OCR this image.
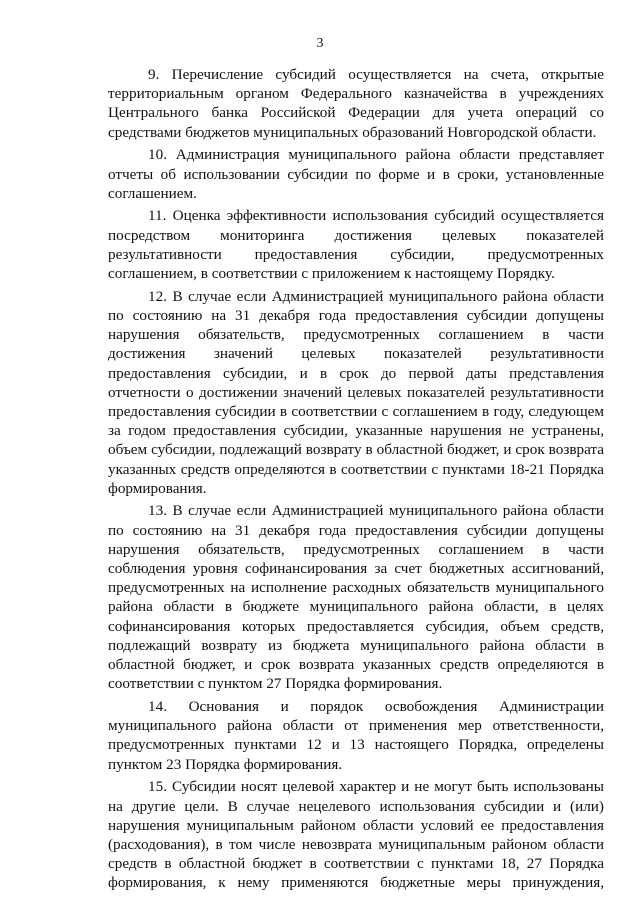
3

9. Перечисление субсидий осуществляется на счета, открытые территориальным органом Федерального казначейства в учреждениях Центрального банка Российской Федерации для учета операций со средствами бюджетов муниципальных образований Новгородской области.

10. Администрация муниципального района области представляет отчеты об использовании субсидии по форме и в сроки, установленные соглашением.

11. Оценка эффективности использования субсидий осуществляется посредством мониторинга достижения целевых показателей результативности предоставления субсидии, предусмотренных соглашением, в соответствии с приложением к настоящему Порядку.

12. В случае если Администрацией муниципального района области по состоянию на 31 декабря года предоставления субсидии допущены нарушения обязательств, предусмотренных соглашением в части достижения значений целевых показателей результативности предоставления субсидии, и в срок до первой даты представления отчетности о достижении значений целевых показателей результативности предоставления субсидии в соответствии с соглашением в году, следующем за годом предоставления субсидии, указанные нарушения не устранены, объем субсидии, подлежащий возврату в областной бюджет, и срок возврата указанных средств определяются в соответствии с пунктами 18-21 Порядка формирования.

13. В случае если Администрацией муниципального района области по состоянию на 31 декабря года предоставления субсидии допущены нарушения обязательств, предусмотренных соглашением в части соблюдения уровня софинансирования за счет бюджетных ассигнований, предусмотренных на исполнение расходных обязательств муниципального района области в бюджете муниципального района области, в целях софинансирования которых предоставляется субсидия, объем средств, подлежащий возврату из бюджета муниципального района области в областной бюджет, и срок возврата указанных средств определяются в соответствии с пунктом 27 Порядка формирования.

14. Основания и порядок освобождения Администрации муниципального района области от применения мер ответственности, предусмотренных пунктами 12 и 13 настоящего Порядка, определены пунктом 23 Порядка формирования.

15. Субсидии носят целевой характер и не могут быть использованы на другие цели. В случае нецелевого использования субсидии и (или) нарушения муниципальным районом области условий ее предоставления (расходования), в том числе невозврата муниципальным районом области средств в областной бюджет в соответствии с пунктами 18, 27 Порядка формирования, к нему применяются бюджетные меры принуждения,
